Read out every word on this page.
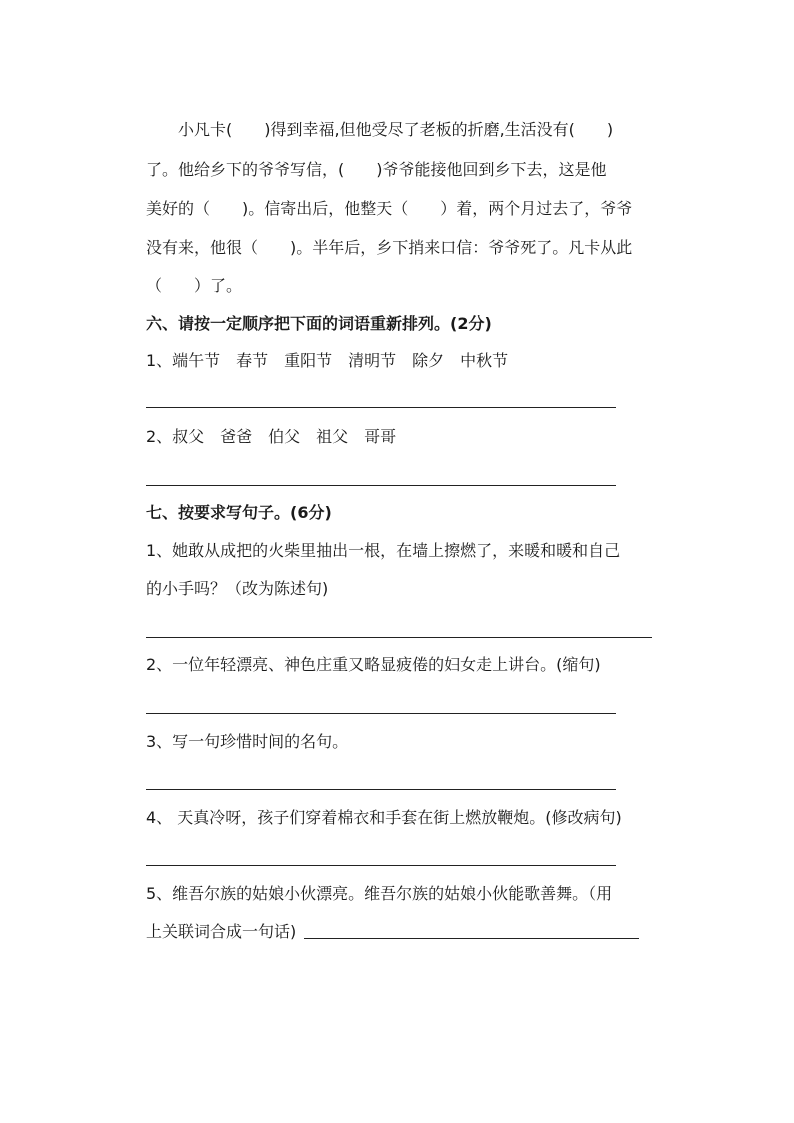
小凡卡(　　)得到幸福,但他受尽了老板的折磨,生活没有(　　)
了。他给乡下的爷爷写信，(　　)爷爷能接他回到乡下去，这是他
美好的（　　)。信寄出后，他整天（　　）着，两个月过去了，爷爷
没有来，他很（　　)。半年后，乡下捎来口信：爷爷死了。凡卡从此
（　　）了。
六、请按一定顺序把下面的词语重新排列。(2分)
1、端午节　春节　重阳节　清明节　除夕　中秋节
2、叔父　爸爸　伯父　祖父　哥哥
七、按要求写句子。(6分)
1、她敢从成把的火柴里抽出一根，在墙上擦燃了，来暖和暖和自己
的小手吗？（改为陈述句)
2、一位年轻漂亮、神色庄重又略显疲倦的妇女走上讲台。(缩句)
3、写一句珍惜时间的名句。
4、 天真冷呀，孩子们穿着棉衣和手套在街上燃放鞭炮。(修改病句)
5、维吾尔族的姑娘小伙漂亮。维吾尔族的姑娘小伙能歌善舞。（用
上关联词合成一句话)
